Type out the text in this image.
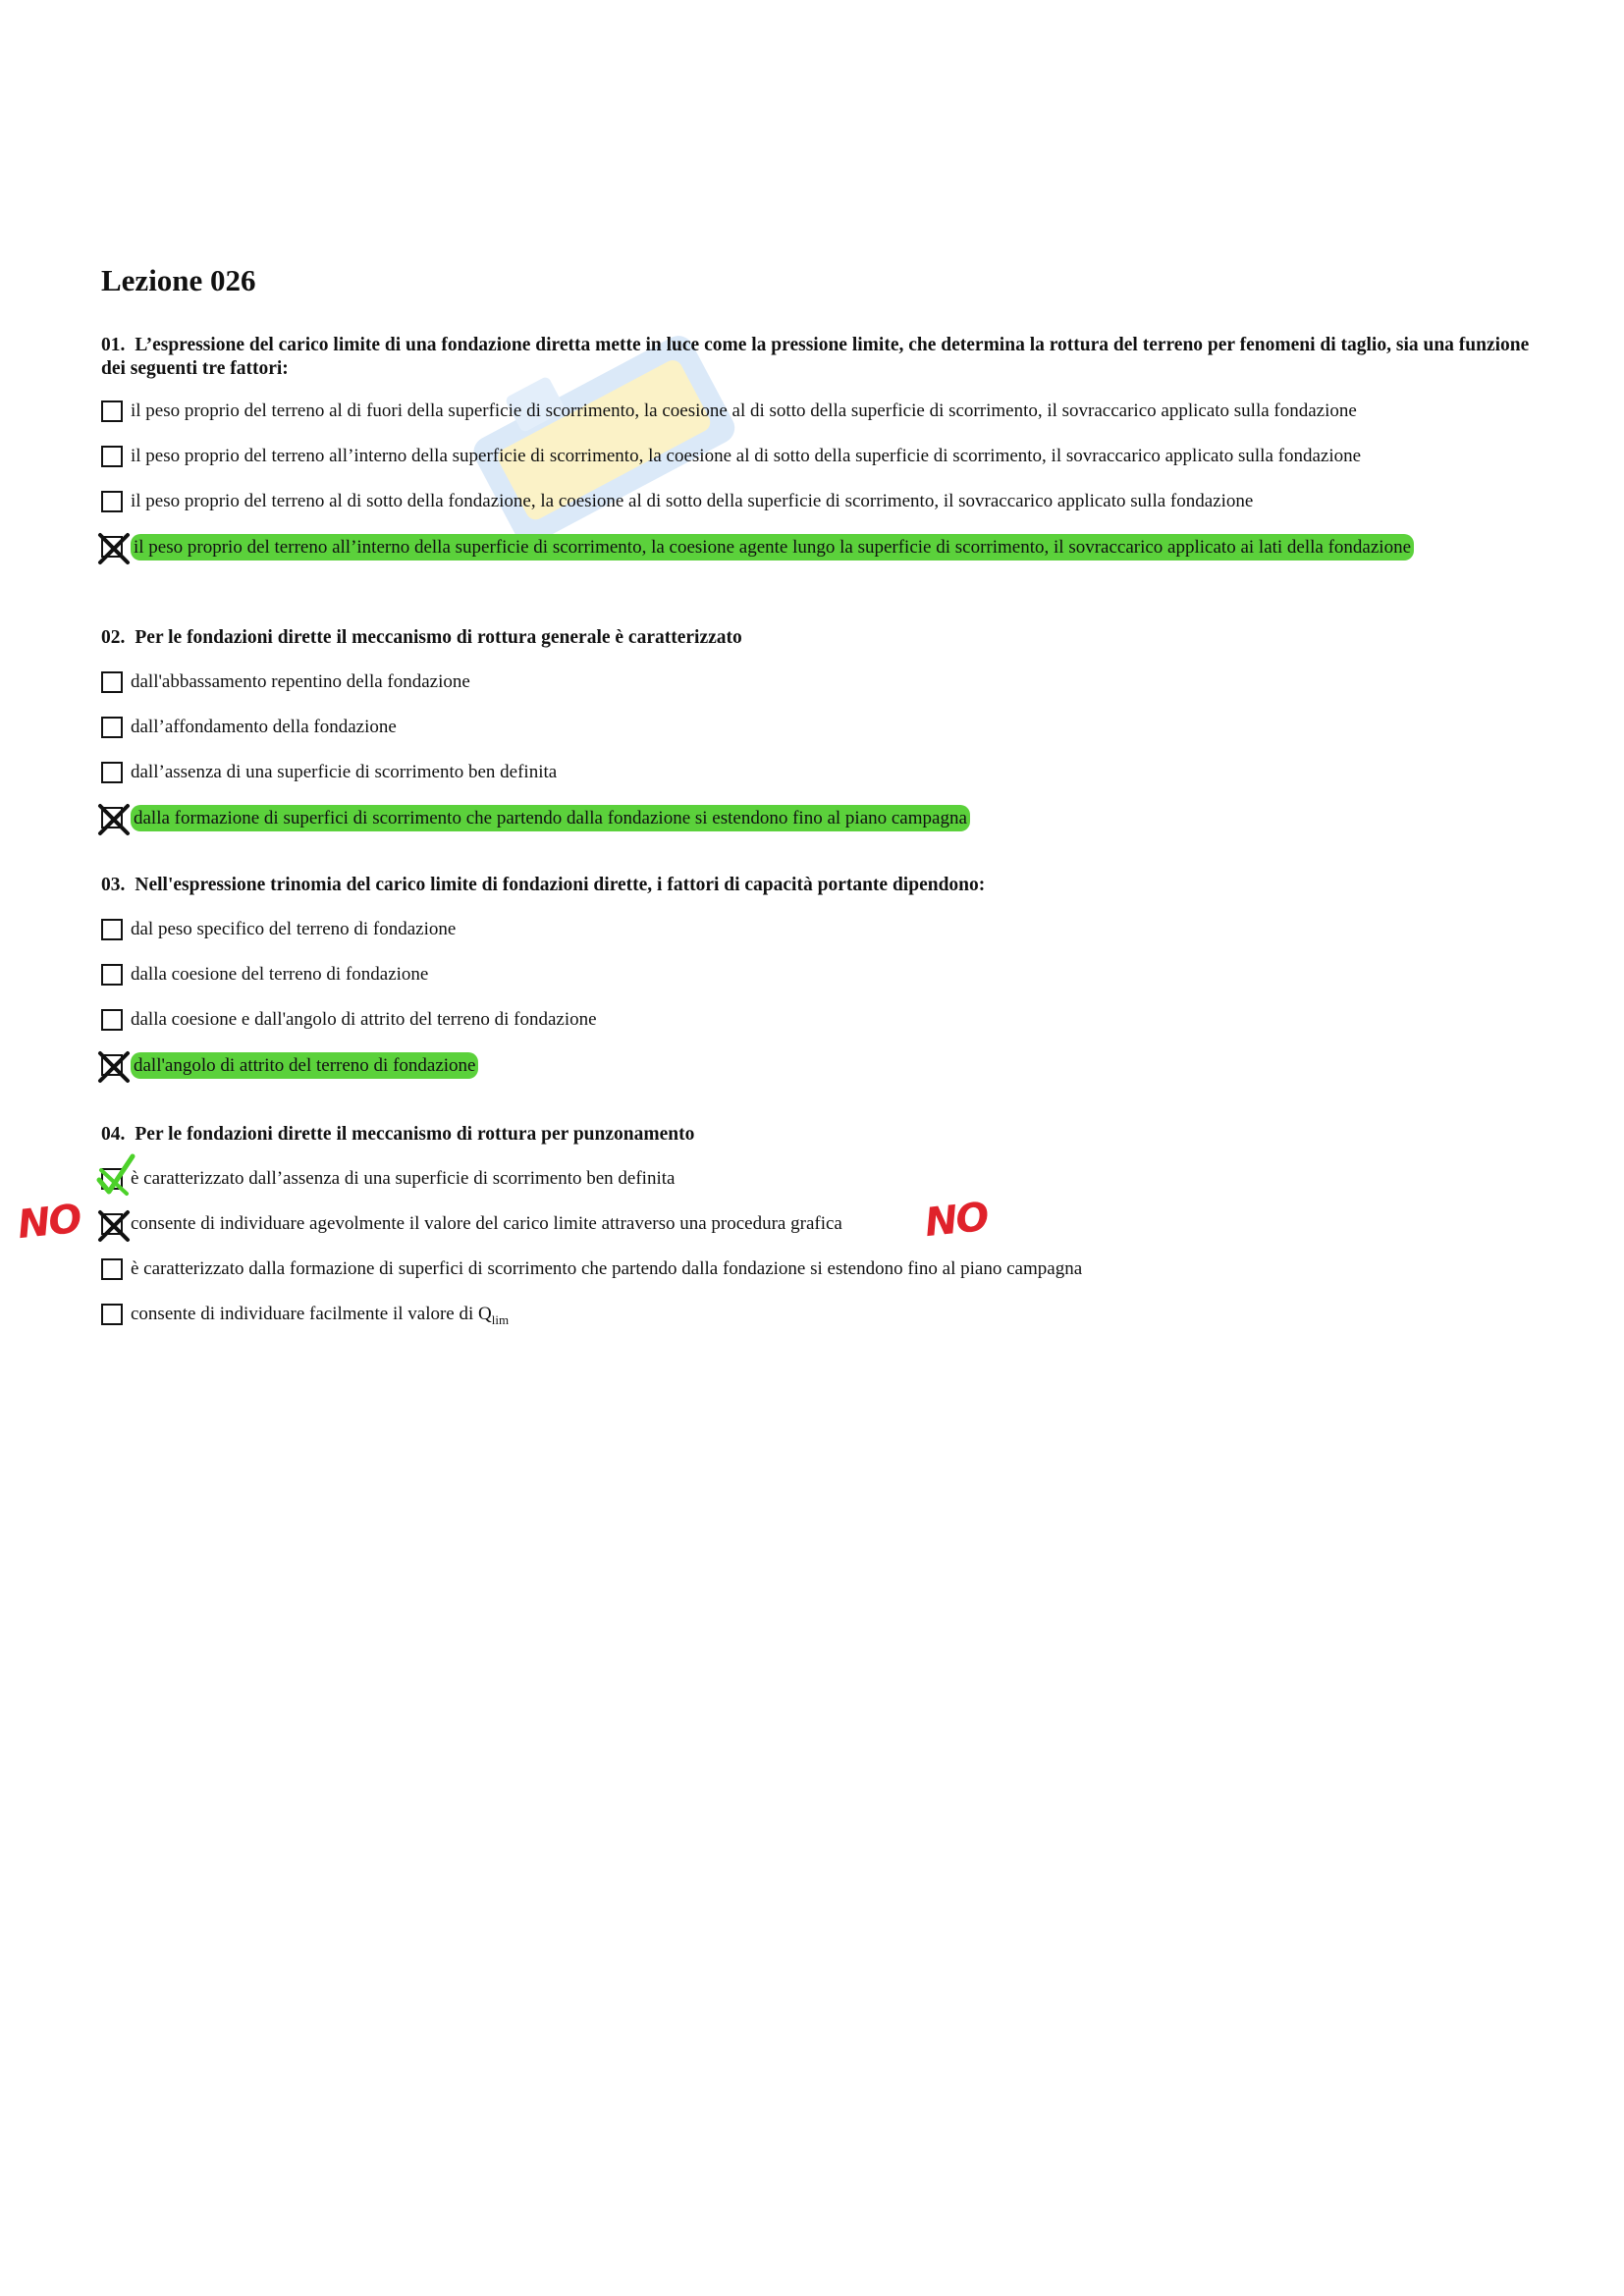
Lezione 026
01. L’espressione del carico limite di una fondazione diretta mette in luce come la pressione limite, che determina la rottura del terreno per fenomeni di taglio, sia una funzione dei seguenti tre fattori:
il peso proprio del terreno al di fuori della superficie di scorrimento, la coesione al di sotto della superficie di scorrimento, il sovraccarico applicato sulla fondazione
il peso proprio del terreno all’interno della superficie di scorrimento, la coesione al di sotto della superficie di scorrimento, il sovraccarico applicato sulla fondazione
il peso proprio del terreno al di sotto della fondazione, la coesione al di sotto della superficie di scorrimento, il sovraccarico applicato sulla fondazione
il peso proprio del terreno all’interno della superficie di scorrimento, la coesione agente lungo la superficie di scorrimento, il sovraccarico applicato ai lati della fondazione
02. Per le fondazioni dirette il meccanismo di rottura generale è caratterizzato
dall'abbassamento repentino della fondazione
dall’affondamento della fondazione
dall’assenza di una superficie di scorrimento ben definita
dalla formazione di superfici di scorrimento che partendo dalla fondazione si estendono fino al piano campagna
03. Nell'espressione trinomia del carico limite di fondazioni dirette, i fattori di capacità portante dipendono:
dal peso specifico del terreno di fondazione
dalla coesione del terreno di fondazione
dalla coesione e dall'angolo di attrito del terreno di fondazione
dall'angolo di attrito del terreno di fondazione
04. Per le fondazioni dirette il meccanismo di rottura per punzonamento
è caratterizzato dall’assenza di una superficie di scorrimento ben definita
consente di individuare agevolmente il valore del carico limite attraverso una procedura grafica
è caratterizzato dalla formazione di superfici di scorrimento che partendo dalla fondazione si estendono fino al piano campagna
consente di individuare facilmente il valore di $Q_{lim}$
NO	NO
